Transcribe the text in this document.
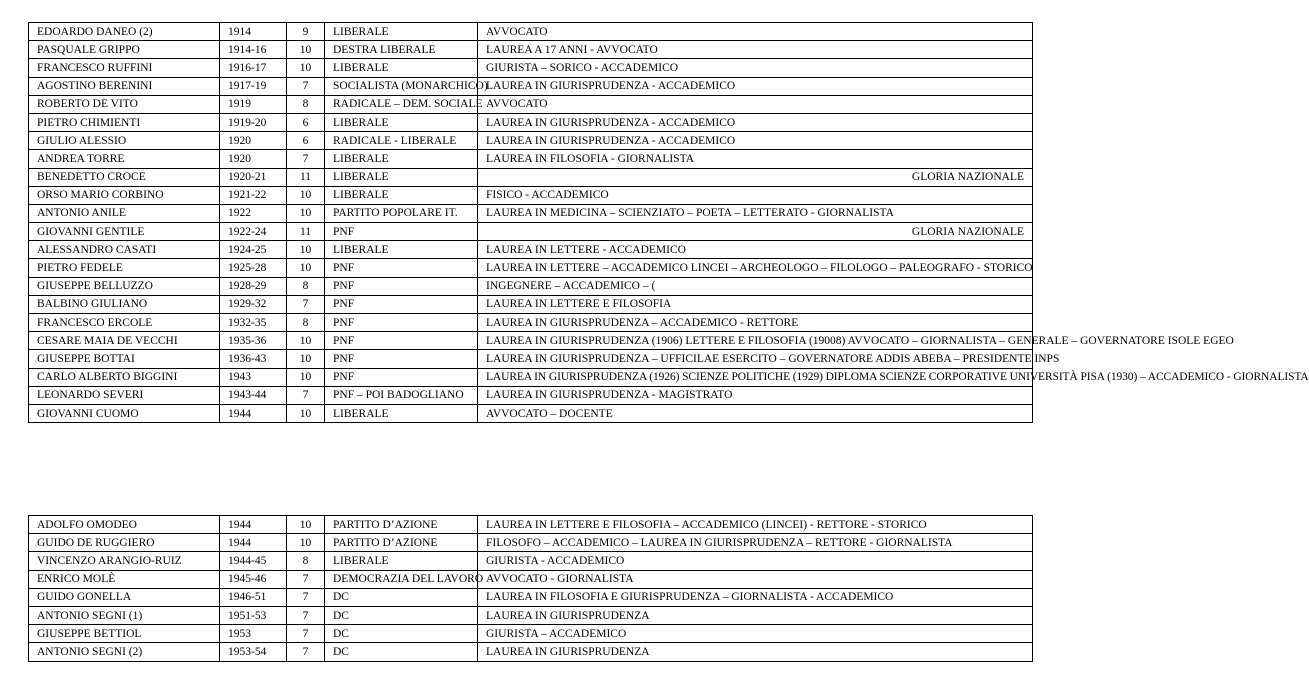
EDOARDO DANEO (2)	1914	9	LIBERALE	AVVOCATO
PASQUALE GRIPPO	1914-16	10	DESTRA LIBERALE	LAUREA A 17 ANNI - AVVOCATO
FRANCESCO RUFFINI	1916-17	10	LIBERALE	GIURISTA – SORICO - ACCADEMICO
AGOSTINO BERENINI	1917-19	7	SOCIALISTA (MONARCHICO)	LAUREA IN GIURISPRUDENZA - ACCADEMICO
ROBERTO DE VITO	1919	8	RADICALE – DEM. SOCIALE	AVVOCATO
PIETRO CHIMIENTI	1919-20	6	LIBERALE	LAUREA IN GIURISPRUDENZA - ACCADEMICO
GIULIO ALESSIO	1920	6	RADICALE - LIBERALE	LAUREA IN GIURISPRUDENZA - ACCADEMICO
ANDREA TORRE	1920	7	LIBERALE	LAUREA IN FILOSOFIA - GIORNALISTA
BENEDETTO CROCE	1920-21	11	LIBERALE	GLORIA NAZIONALE
ORSO MARIO CORBINO	1921-22	10	LIBERALE	FISICO - ACCADEMICO
ANTONIO ANILE	1922	10	PARTITO POPOLARE IT.	LAUREA IN MEDICINA – SCIENZIATO – POETA – LETTERATO - GIORNALISTA
GIOVANNI GENTILE	1922-24	11	PNF	GLORIA NAZIONALE
ALESSANDRO CASATI	1924-25	10	LIBERALE	LAUREA IN LETTERE - ACCADEMICO
PIETRO FEDELE	1925-28	10	PNF	LAUREA IN LETTERE – ACCADEMICO LINCEI – ARCHEOLOGO – FILOLOGO – PALEOGRAFO - STORICO
GIUSEPPE BELLUZZO	1928-29	8	PNF	INGEGNERE – ACCADEMICO – (
BALBINO GIULIANO	1929-32	7	PNF	LAUREA IN LETTERE E FILOSOFIA
FRANCESCO ERCOLE	1932-35	8	PNF	LAUREA IN GIURISPRUDENZA – ACCADEMICO - RETTORE
CESARE MAIA DE VECCHI	1935-36	10	PNF	LAUREA IN GIURISPRUDENZA (1906) LETTERE E FILOSOFIA (19008) AVVOCATO – GIORNALISTA – GENERALE – GOVERNATORE ISOLE EGEO
GIUSEPPE BOTTAI	1936-43	10	PNF	LAUREA IN GIURISPRUDENZA – UFFICILAE ESERCITO – GOVERNATORE ADDIS ABEBA – PRESIDENTE INPS
CARLO ALBERTO BIGGINI	1943	10	PNF	LAUREA IN GIURISPRUDENZA (1926) SCIENZE POLITICHE (1929) DIPLOMA SCIENZE CORPORATIVE UNIVERSITÀ PISA (1930) – ACCADEMICO - GIORNALISTA
LEONARDO SEVERI	1943-44	7	PNF – POI BADOGLIANO	LAUREA IN GIURISPRUDENZA - MAGISTRATO
GIOVANNI CUOMO	1944	10	LIBERALE	AVVOCATO – DOCENTE
ADOLFO OMODEO	1944	10	PARTITO D’AZIONE	LAUREA IN LETTERE E FILOSOFIA – ACCADEMICO (LINCEI) - RETTORE - STORICO
GUIDO DE RUGGIERO	1944	10	PARTITO D’AZIONE	FILOSOFO – ACCADEMICO – LAUREA IN GIURISPRUDENZA – RETTORE - GIORNALISTA
VINCENZO ARANGIO-RUIZ	1944-45	8	LIBERALE	GIURISTA - ACCADEMICO
ENRICO MOLÈ	1945-46	7	DEMOCRAZIA DEL LAVORO	AVVOCATO - GIORNALISTA
GUIDO GONELLA	1946-51	7	DC	LAUREA IN FILOSOFIA E GIURISPRUDENZA – GIORNALISTA - ACCADEMICO
ANTONIO SEGNI (1)	1951-53	7	DC	LAUREA IN GIURISPRUDENZA
GIUSEPPE BETTIOL	1953	7	DC	GIURISTA – ACCADEMICO
ANTONIO SEGNI (2)	1953-54	7	DC	LAUREA IN GIURISPRUDENZA
